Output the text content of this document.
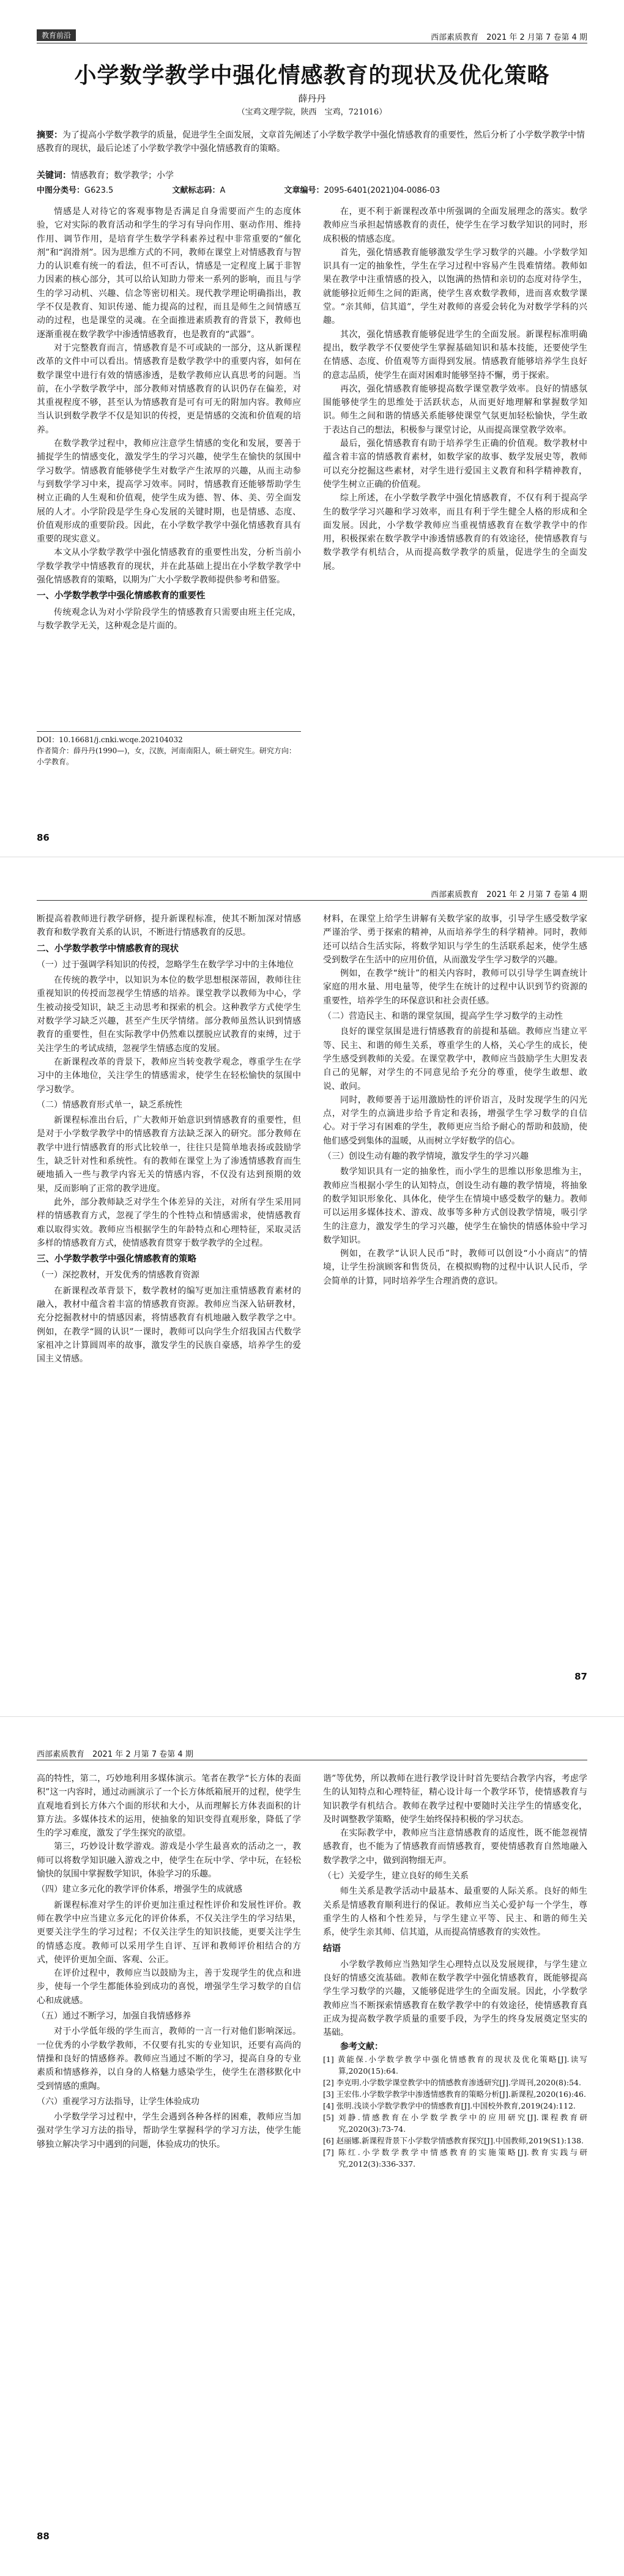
教育前沿	西部素质教育　2021 年 2 月第 7 卷第 4 期
小学数学教学中强化情感教育的现状及优化策略
薛丹丹
（宝鸡文理学院，陕西　宝鸡，721016）
摘要：为了提高小学数学教学的质量，促进学生全面发展，文章首先阐述了小学数学教学中强化情感教育的重要性，然后分析了小学数学教学中情感教育的现状，最后论述了小学数学教学中强化情感教育的策略。
关键词：情感教育；数学教学；小学
中图分类号：G623.5	文献标志码：A	文章编号：2095-6401(2021)04-0086-03

情感是人对待它的客观事物是否满足自身需要而产生的态度体验，它对实际的教育活动和学生的学习有导向作用、驱动作用、维持作用、调节作用，是培育学生数学学科素养过程中非常重要的“催化剂”和“润滑剂”。因为思维方式的不同，教师在课堂上对情感教育与智力的认识难有统一的看法，但不可否认，情感是一定程度上属于非智力因素的核心部分，其可以给认知助力带来一系列的影响，而且与学生的学习动机、兴趣、信念等密切相关。现代教学理论明确指出，教学不仅是教育、知识传递、能力提高的过程，而且是师生之间情感互动的过程，也是课堂的灵魂。在全面推进素质教育的背景下，教师也逐渐重视在数学教学中渗透情感教育，也是教育的“武器”。

对于完整教育而言，情感教育是不可或缺的一部分，这从新课程改革的文件中可以看出。情感教育是数学教学中的重要内容，如何在数学课堂中进行有效的情感渗透，是数学教师应认真思考的问题。当前，在小学数学教学中，部分教师对情感教育的认识仍存在偏差，对其重视程度不够，甚至认为情感教育是可有可无的附加内容。教师应当认识到数学教学不仅是知识的传授，更是情感的交流和价值观的培养。

在数学教学过程中，教师应注意学生情感的变化和发展，要善于捕捉学生的情感变化，激发学生的学习兴趣，使学生在愉快的氛围中学习数学。情感教育能够使学生对数学产生浓厚的兴趣，从而主动参与到数学学习中来，提高学习效率。同时，情感教育还能够帮助学生树立正确的人生观和价值观，使学生成为德、智、体、美、劳全面发展的人才。小学阶段是学生身心发展的关键时期，也是情感、态度、价值观形成的重要阶段。因此，在小学数学教学中强化情感教育具有重要的现实意义。

本文从小学数学教学中强化情感教育的重要性出发，分析当前小学数学教学中情感教育的现状，并在此基础上提出在小学数学教学中强化情感教育的策略，以期为广大小学数学教师提供参考和借鉴。

一、小学数学教学中强化情感教育的重要性

传统观念认为对小学阶段学生的情感教育只需要由班主任完成，与数学教学无关，这种观念是片面的。

在，更不利于新课程改革中所强调的全面发展理念的落实。数学教师应当承担起情感教育的责任，使学生在学习数学知识的同时，形成积极的情感态度。

首先，强化情感教育能够激发学生学习数学的兴趣。小学数学知识具有一定的抽象性，学生在学习过程中容易产生畏难情绪。教师如果在教学中注重情感的投入，以饱满的热情和亲切的态度对待学生，就能够拉近师生之间的距离，使学生喜欢数学教师，进而喜欢数学课堂。“亲其师，信其道”，学生对教师的喜爱会转化为对数学学科的兴趣。

其次，强化情感教育能够促进学生的全面发展。新课程标准明确提出，数学教学不仅要使学生掌握基础知识和基本技能，还要使学生在情感、态度、价值观等方面得到发展。情感教育能够培养学生良好的意志品质，使学生在面对困难时能够坚持不懈，勇于探索。

再次，强化情感教育能够提高数学课堂教学效率。良好的情感氛围能够使学生的思维处于活跃状态，从而更好地理解和掌握数学知识。师生之间和谐的情感关系能够使课堂气氛更加轻松愉快，学生敢于表达自己的想法，积极参与课堂讨论，从而提高课堂教学效率。

最后，强化情感教育有助于培养学生正确的价值观。数学教材中蕴含着丰富的情感教育素材，如数学家的故事、数学发展史等，教师可以充分挖掘这些素材，对学生进行爱国主义教育和科学精神教育，使学生树立正确的价值观。

综上所述，在小学数学教学中强化情感教育，不仅有利于提高学生的数学学习兴趣和学习效率，而且有利于学生健全人格的形成和全面发展。因此，小学数学教师应当重视情感教育在数学教学中的作用，积极探索在数学教学中渗透情感教育的有效途径，使情感教育与数学教学有机结合，从而提高数学教学的质量，促进学生的全面发展。

DOI：10.16681/j.cnki.wcqe.202104032
作者简介：薛丹丹(1990—)，女，汉族，河南南阳人，硕士研究生。研究方向：小学教育。
86
西部素质教育　2021 年 2 月第 7 卷第 4 期

断提高着教师进行教学研修，提升新课程标准，使其不断加深对情感教育和数学教育关系的认识，不断进行情感教育的反思。

二、小学数学教学中情感教育的现状

（一）过于强调学科知识的传授，忽略学生在数学学习中的主体地位

在传统的教学中，以知识为本位的数学思想根深蒂固，教师往往重视知识的传授而忽视学生情感的培养。课堂教学以教师为中心，学生被动接受知识，缺乏主动思考和探索的机会。这种教学方式使学生对数学学习缺乏兴趣，甚至产生厌学情绪。部分教师虽然认识到情感教育的重要性，但在实际教学中仍然难以摆脱应试教育的束缚，过于关注学生的考试成绩，忽视学生情感态度的发展。

在新课程改革的背景下，教师应当转变教学观念，尊重学生在学习中的主体地位，关注学生的情感需求，使学生在轻松愉快的氛围中学习数学。

（二）情感教育形式单一，缺乏系统性

新课程标准出台后，广大教师开始意识到情感教育的重要性，但是对于小学数学教学中的情感教育方法缺乏深入的研究。部分教师在教学中进行情感教育的形式比较单一，往往只是简单地表扬或鼓励学生，缺乏针对性和系统性。有的教师在课堂上为了渗透情感教育而生硬地插入一些与教学内容无关的情感内容，不仅没有达到预期的效果，反而影响了正常的教学进度。

此外，部分教师缺乏对学生个体差异的关注，对所有学生采用同样的情感教育方式，忽视了学生的个性特点和情感需求，使情感教育难以取得实效。教师应当根据学生的年龄特点和心理特征，采取灵活多样的情感教育方式，使情感教育贯穿于数学教学的全过程。

三、小学数学教学中强化情感教育的策略

（一）深挖教材，开发优秀的情感教育资源

在新课程改革背景下，数学教材的编写更加注重情感教育素材的融入，教材中蕴含着丰富的情感教育资源。教师应当深入钻研教材，充分挖掘教材中的情感因素，将情感教育有机地融入数学教学之中。例如，在教学“圆的认识”一课时，教师可以向学生介绍我国古代数学家祖冲之计算圆周率的故事，激发学生的民族自豪感，培养学生的爱国主义情感。

材料，在课堂上给学生讲解有关数学家的故事，引导学生感受数学家严谨治学、勇于探索的精神，从而培养学生的科学精神。同时，教师还可以结合生活实际，将数学知识与学生的生活联系起来，使学生感受到数学在生活中的应用价值，从而激发学生学习数学的兴趣。

例如，在教学“统计”的相关内容时，教师可以引导学生调查统计家庭的用水量、用电量等，使学生在统计的过程中认识到节约资源的重要性，培养学生的环保意识和社会责任感。

（二）营造民主、和谐的课堂氛围，提高学生学习数学的主动性

良好的课堂氛围是进行情感教育的前提和基础。教师应当建立平等、民主、和谐的师生关系，尊重学生的人格，关心学生的成长，使学生感受到教师的关爱。在课堂教学中，教师应当鼓励学生大胆发表自己的见解，对学生的不同意见给予充分的尊重，使学生敢想、敢说、敢问。

同时，教师要善于运用激励性的评价语言，及时发现学生的闪光点，对学生的点滴进步给予肯定和表扬，增强学生学习数学的自信心。对于学习有困难的学生，教师更应当给予耐心的帮助和鼓励，使他们感受到集体的温暖，从而树立学好数学的信心。

（三）创设生动有趣的教学情境，激发学生的学习兴趣

数学知识具有一定的抽象性，而小学生的思维以形象思维为主，教师应当根据小学生的认知特点，创设生动有趣的教学情境，将抽象的数学知识形象化、具体化，使学生在情境中感受数学的魅力。教师可以运用多媒体技术、游戏、故事等多种方式创设教学情境，吸引学生的注意力，激发学生的学习兴趣，使学生在愉快的情感体验中学习数学知识。

例如，在教学“认识人民币”时，教师可以创设“小小商店”的情境，让学生扮演顾客和售货员，在模拟购物的过程中认识人民币，学会简单的计算，同时培养学生合理消费的意识。

87
西部素质教育　2021 年 2 月第 7 卷第 4 期

高的特性，第二，巧妙地利用多媒体演示。笔者在教学“长方体的表面积”这一内容时，通过动画演示了一个长方体纸箱展开的过程，使学生直观地看到长方体六个面的形状和大小，从而理解长方体表面积的计算方法。多媒体技术的运用，使抽象的知识变得直观形象，降低了学生的学习难度，激发了学生探究的欲望。

第三，巧妙设计数学游戏。游戏是小学生最喜欢的活动之一，教师可以将数学知识融入游戏之中，使学生在玩中学、学中玩，在轻松愉快的氛围中掌握数学知识，体验学习的乐趣。

（四）建立多元化的教学评价体系，增强学生的成就感

新课程标准对学生的评价更加注重过程性评价和发展性评价。教师在教学中应当建立多元化的评价体系，不仅关注学生的学习结果，更要关注学生的学习过程；不仅关注学生的知识技能，更要关注学生的情感态度。教师可以采用学生自评、互评和教师评价相结合的方式，使评价更加全面、客观、公正。

在评价过程中，教师应当以鼓励为主，善于发现学生的优点和进步，使每一个学生都能体验到成功的喜悦，增强学生学习数学的自信心和成就感。

（五）通过不断学习，加强自我情感修养

对于小学低年级的学生而言，教师的一言一行对他们影响深远。一位优秀的小学数学教师，不仅要有扎实的专业知识，还要有高尚的情操和良好的情感修养。教师应当通过不断的学习，提高自身的专业素质和情感修养，以自身的人格魅力感染学生，使学生在潜移默化中受到情感的熏陶。

（六）重视学习方法指导，让学生体验成功

小学数学学习过程中，学生会遇到各种各样的困难，教师应当加强对学生学习方法的指导，帮助学生掌握科学的学习方法，使学生能够独立解决学习中遇到的问题，体验成功的快乐。

谐”等优势，所以教师在进行教学设计时首先要结合教学内容，考虑学生的认知特点和心理特征，精心设计每一个教学环节，使情感教育与知识教学有机结合。教师在教学过程中要随时关注学生的情感变化，及时调整教学策略，使学生始终保持积极的学习状态。

在实际教学中，教师应当注意情感教育的适度性，既不能忽视情感教育，也不能为了情感教育而情感教育，要使情感教育自然地融入数学教学之中，做到润物细无声。

（七）关爱学生，建立良好的师生关系

师生关系是教学活动中最基本、最重要的人际关系。良好的师生关系是情感教育顺利进行的保证。教师应当关心爱护每一个学生，尊重学生的人格和个性差异，与学生建立平等、民主、和谐的师生关系，使学生亲其师、信其道，从而提高情感教育的实效性。

结语

小学数学教师应当熟知学生心理特点以及发展规律，与学生建立良好的情感交流基础。教师在数学教学中强化情感教育，既能够提高学生学习数学的兴趣，又能够促进学生的全面发展。因此，小学数学教师应当不断探索情感教育在数学教学中的有效途径，使情感教育真正成为提高数学教学质量的重要手段，为学生的终身发展奠定坚实的基础。

参考文献：

[1] 黄能保.小学数学教学中强化情感教育的现状及优化策略[J].读写算,2020(15):64.

[2] 李克明.小学数学课堂教学中的情感教育渗透研究[J].学周刊,2020(8):54.

[3] 王宏伟.小学数学教学中渗透情感教育的策略分析[J].新课程,2020(16):46.

[4] 张明.浅谈小学数学教学中的情感教育[J].中国校外教育,2019(24):112.

[5] 刘静.情感教育在小学数学教学中的应用研究[J].课程教育研究,2020(3):73-74.

[6] 赵丽娜.新课程背景下小学数学情感教育探究[J].中国教师,2019(S1):138.

[7] 陈红.小学数学教学中情感教育的实施策略[J].教育实践与研究,2012(3):336-337.

88
